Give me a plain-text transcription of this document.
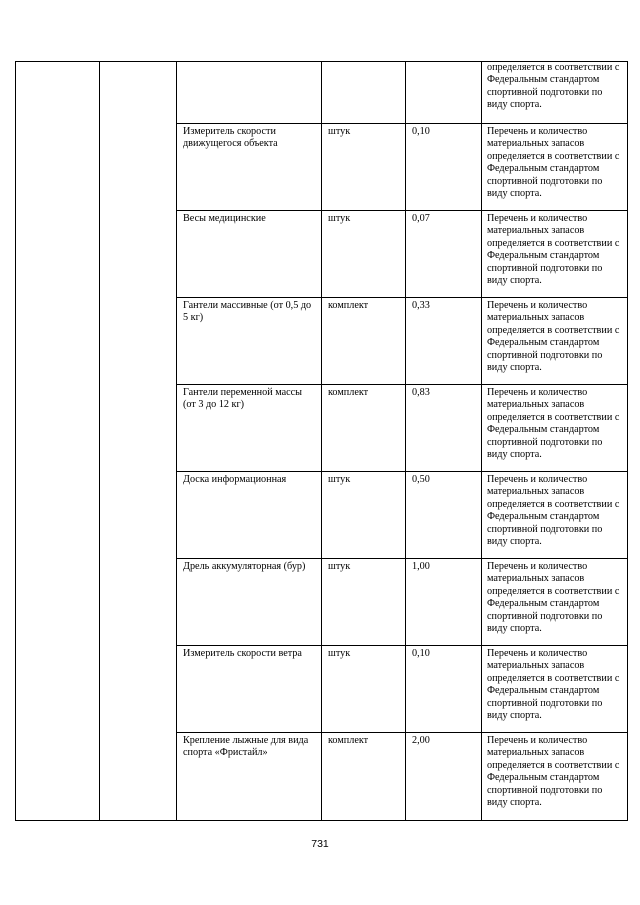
					определяется в соответствии с Федеральным стандартом спортивной подготовки по виду спорта.

		Измеритель скорости движущегося объекта	штук	0,10	Перечень и количество материальных запасов определяется в соответствии с Федеральным стандартом спортивной подготовки по виду спорта.

		Весы медицинские	штук	0,07	Перечень и количество материальных запасов определяется в соответствии с Федеральным стандартом спортивной подготовки по виду спорта.

		Гантели массивные (от 0,5 до 5 кг)	комплект	0,33	Перечень и количество материальных запасов определяется в соответствии с Федеральным стандартом спортивной подготовки по виду спорта.

		Гантели переменной массы (от 3 до 12 кг)	комплект	0,83	Перечень и количество материальных запасов определяется в соответствии с Федеральным стандартом спортивной подготовки по виду спорта.

		Доска информационная	штук	0,50	Перечень и количество материальных запасов определяется в соответствии с Федеральным стандартом спортивной подготовки по виду спорта.

		Дрель аккумуляторная (бур)	штук	1,00	Перечень и количество материальных запасов определяется в соответствии с Федеральным стандартом спортивной подготовки по виду спорта.

		Измеритель скорости ветра	штук	0,10	Перечень и количество материальных запасов определяется в соответствии с Федеральным стандартом спортивной подготовки по виду спорта.

		Крепление лыжные для вида спорта «Фристайл»	комплект	2,00	Перечень и количество материальных запасов определяется в соответствии с Федеральным стандартом спортивной подготовки по виду спорта.
731
